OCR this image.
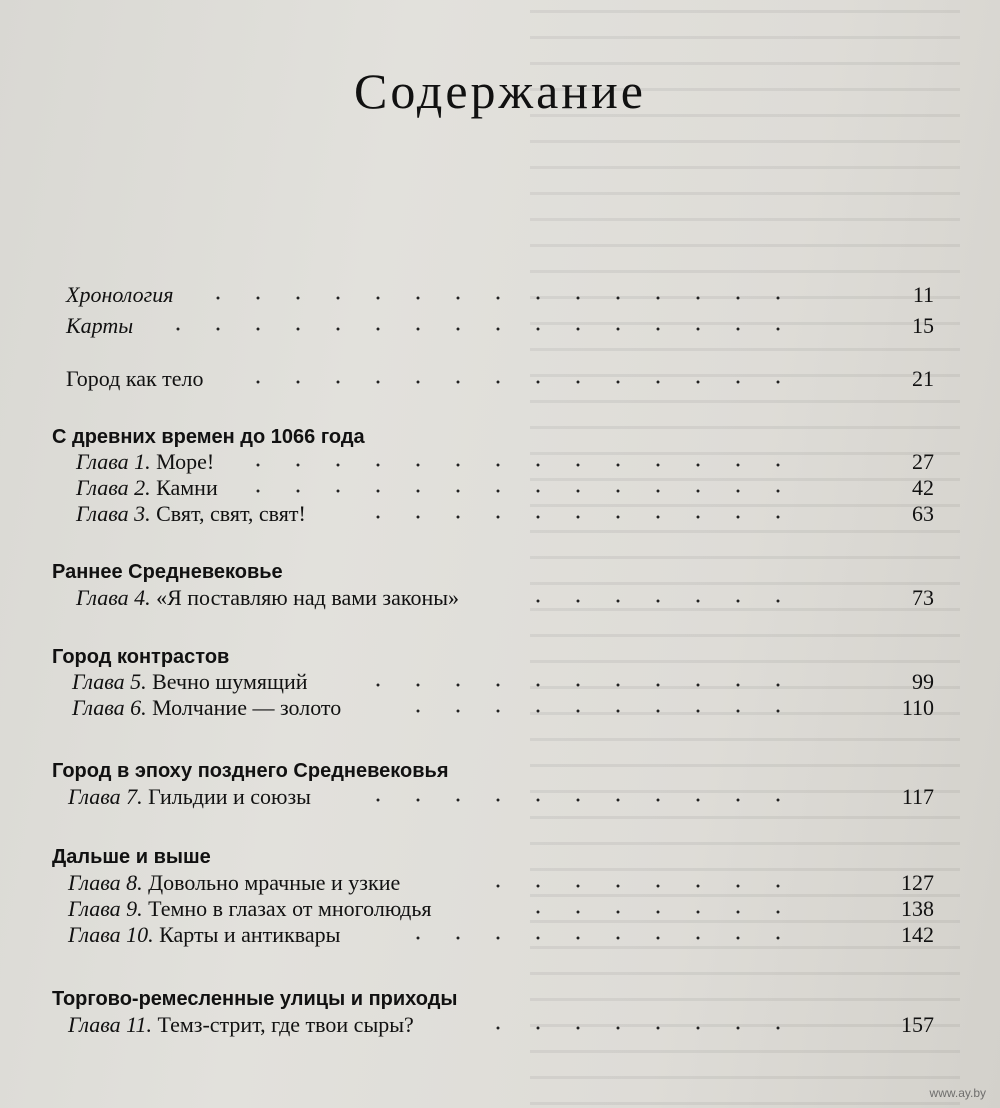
Содержание
Хронология	11
Карты	15
Город как тело	21
С древних времен до 1066 года
Глава 1. Море!	27
Глава 2. Камни	42
Глава 3. Свят, свят, свят!	63
Раннее Средневековье
Глава 4. «Я поставляю над вами законы»	73
Город контрастов
Глава 5. Вечно шумящий	99
Глава 6. Молчание — золото	110
Город в эпоху позднего Средневековья
Глава 7. Гильдии и союзы	117
Дальше и выше
Глава 8. Довольно мрачные и узкие	127
Глава 9. Темно в глазах от многолюдья	138
Глава 10. Карты и антиквары	142
Торгово-ремесленные улицы и приходы
Глава 11. Темз-стрит, где твои сыры?	157
www.ay.by
